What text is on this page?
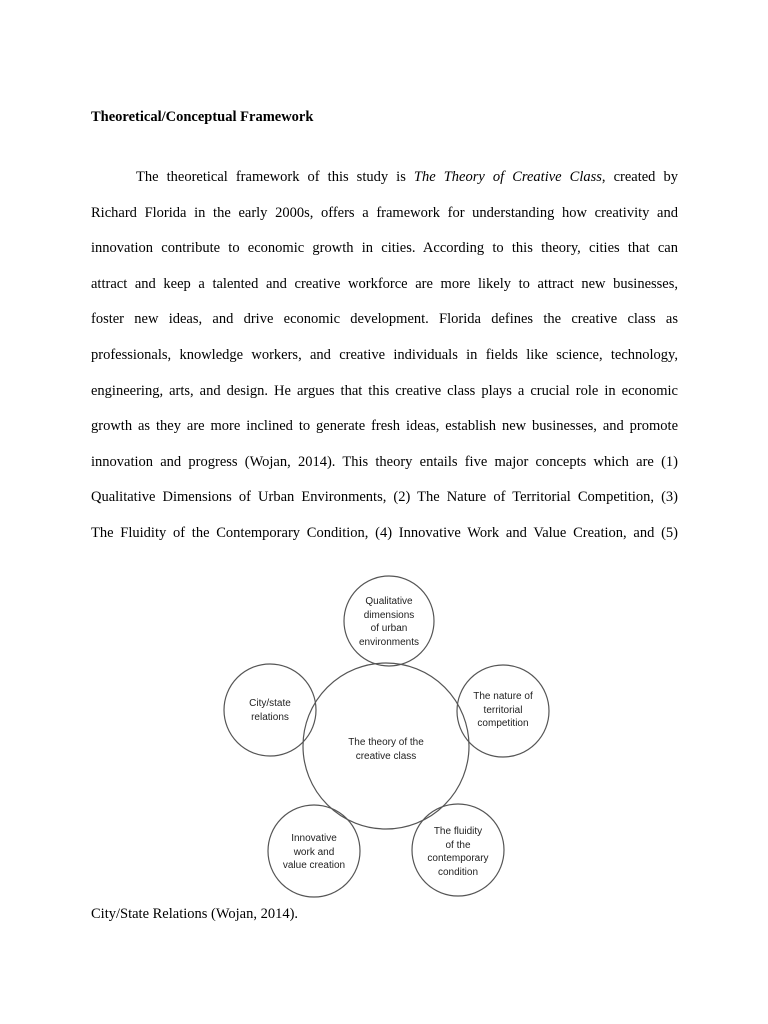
Theoretical/Conceptual Framework
The theoretical framework of this study is The Theory of Creative Class, created by
Richard Florida in the early 2000s, offers a framework for understanding how creativity and
innovation contribute to economic growth in cities. According to this theory, cities that can
attract and keep a talented and creative workforce are more likely to attract new businesses,
foster new ideas, and drive economic development. Florida defines the creative class as
professionals, knowledge workers, and creative individuals in fields like science, technology,
engineering, arts, and design. He argues that this creative class plays a crucial role in economic
growth as they are more inclined to generate fresh ideas, establish new businesses, and promote
innovation and progress (Wojan, 2014). This theory entails five major concepts which are (1)
Qualitative Dimensions of Urban Environments, (2) The Nature of Territorial Competition, (3)
The Fluidity of the Contemporary Condition, (4) Innovative Work and Value Creation, and (5)
The theory of the
creative class
Qualitative
dimensions
of urban
environments
The nature of
territorial
competition
The fluidity
of the
contemporary
condition
Innovative
work and
value creation
City/state
relations
City/State Relations (Wojan, 2014).
